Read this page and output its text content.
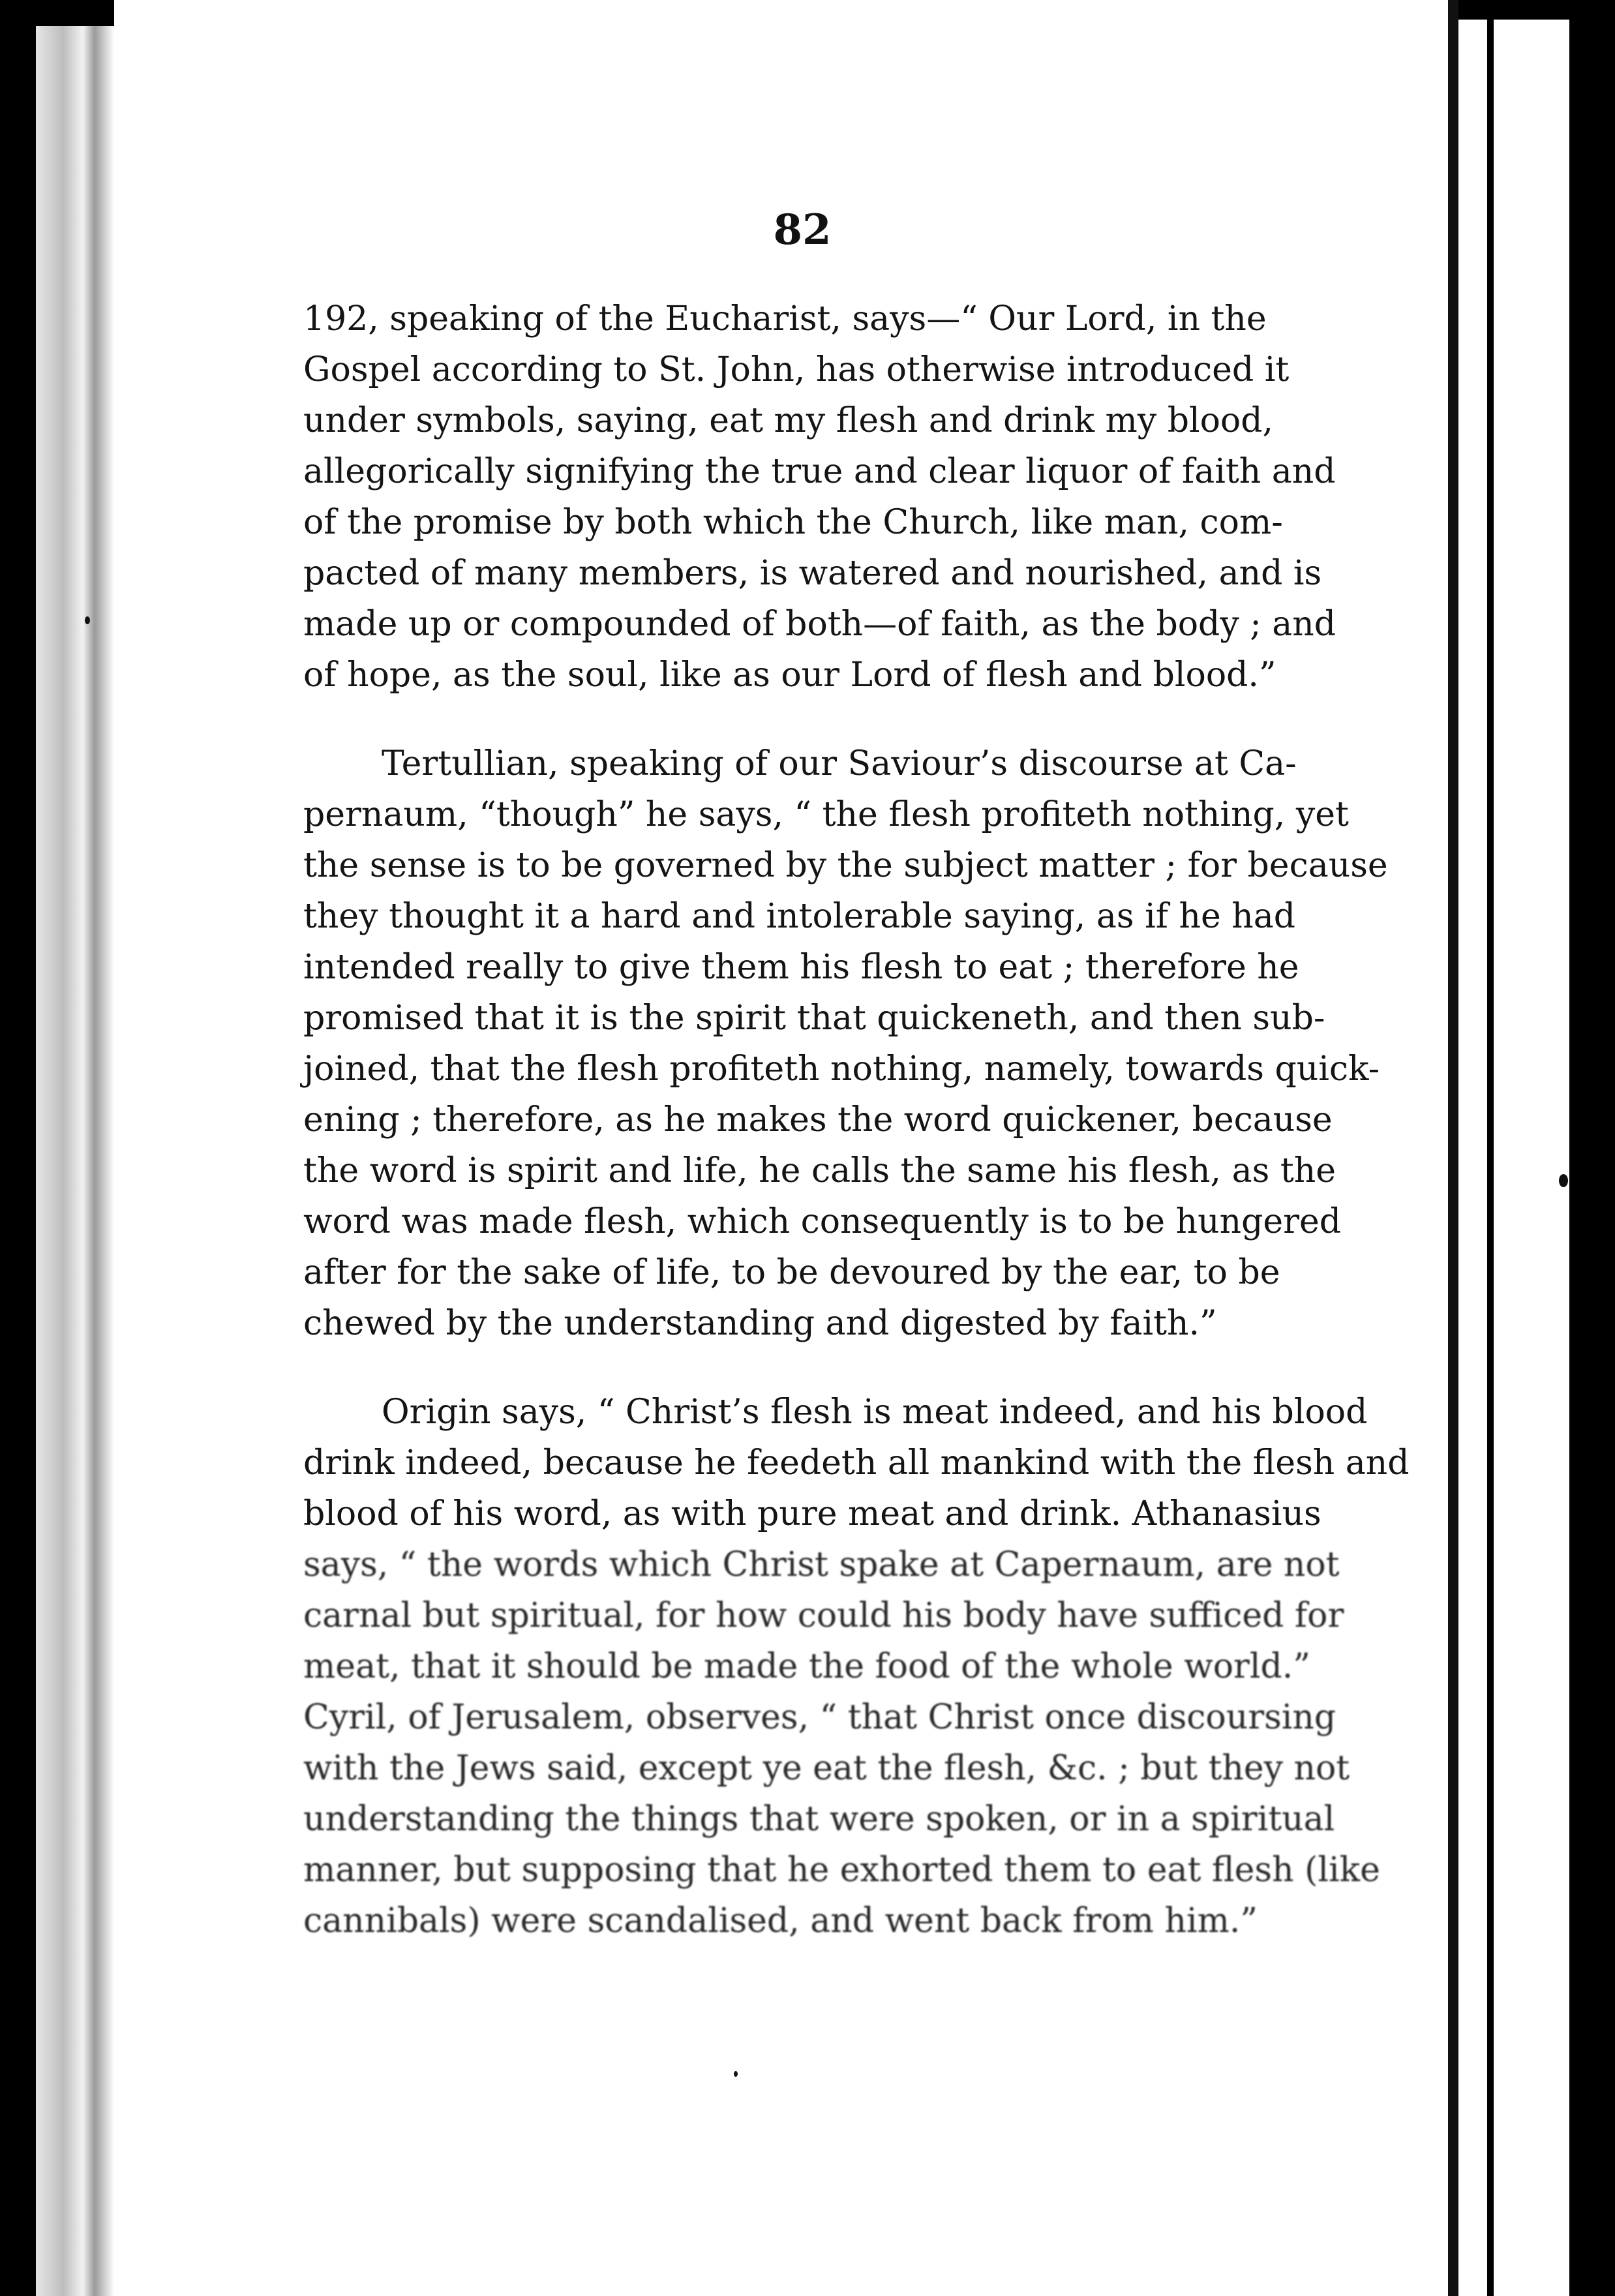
82
192, speaking of the Eucharist, says—“ Our Lord, in the
Gospel according to St. John, has otherwise introduced it
under symbols, saying, eat my flesh and drink my blood,
allegorically signifying the true and clear liquor of faith and
of the promise by both which the Church, like man, com-
pacted of many members, is watered and nourished, and is
made up or compounded of both—of faith, as the body ; and
of hope, as the soul, like as our Lord of flesh and blood.”
Tertullian, speaking of our Saviour’s discourse at Ca-
pernaum, “though” he says, “ the flesh profiteth nothing, yet
the sense is to be governed by the subject matter ; for because
they thought it a hard and intolerable saying, as if he had
intended really to give them his flesh to eat ; therefore he
promised that it is the spirit that quickeneth, and then sub-
joined, that the flesh profiteth nothing, namely, towards quick-
ening ; therefore, as he makes the word quickener, because
the word is spirit and life, he calls the same his flesh, as the
word was made flesh, which consequently is to be hungered
after for the sake of life, to be devoured by the ear, to be
chewed by the understanding and digested by faith.”
Origin says, “ Christ’s flesh is meat indeed, and his blood
drink indeed, because he feedeth all mankind with the flesh and
blood of his word, as with pure meat and drink. Athanasius
says, “ the words which Christ spake at Capernaum, are not
carnal but spiritual, for how could his body have sufficed for
meat, that it should be made the food of the whole world.”
Cyril, of Jerusalem, observes, “ that Christ once discoursing
with the Jews said, except ye eat the flesh, &c. ; but they not
understanding the things that were spoken, or in a spiritual
manner, but supposing that he exhorted them to eat flesh (like
cannibals) were scandalised, and went back from him.”
